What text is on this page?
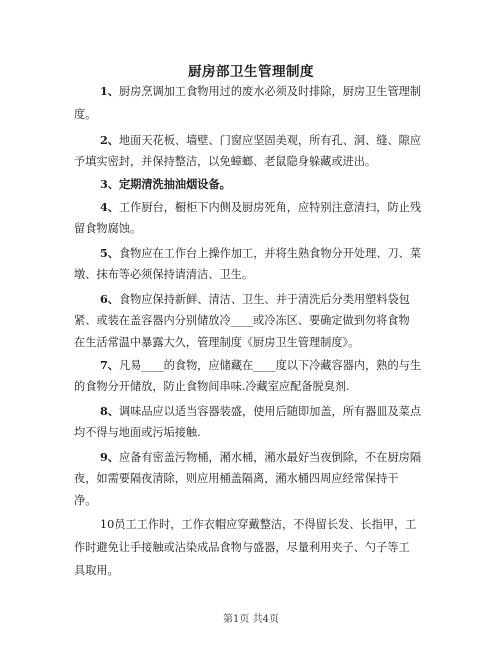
厨房部卫生管理制度
1、厨房烹调加工食物用过的废水必须及时排除，厨房卫生管理制
度。
2、地面天花板、墙壁、门窗应坚固美观，所有孔、洞、缝、隙应
予填实密封，并保持整洁，以免蟑螂、老鼠隐身躲藏或进出。
3、定期清洗抽油烟设备。
4、工作厨台，橱柜下内侧及厨房死角，应特别注意清扫，防止残
留食物腐蚀。
5、食物应在工作台上操作加工，并将生熟食物分开处理、刀、菜
墩、抹布等必须保持请清洁、卫生。
6、食物应保持新鲜、清洁、卫生、并于清洗后分类用塑料袋包
紧、或装在盖容器内分别储放冷____或冷冻区、要确定做到勿将食物
在生活常温中暴露大久，管理制度《厨房卫生管理制度》。
7、凡易____的食物，应储藏在____度以下冷藏容器内，熟的与生
的食物分开储放，防止食物间串味.冷藏室应配备脱臭剂.
8、调味品应以适当容器装盛，使用后随即加盖，所有器皿及菜点
均不得与地面或污垢接触.
9、应备有密盖污物桶，潲水桶，潲水最好当夜倒除，不在厨房隔
夜，如需要隔夜清除，则应用桶盖隔离，潲水桶四周应经常保持干
净。
10员工工作时，工作衣帽应穿戴整洁，不得留长发、长指甲，工
作时避免让手接触或沾染成品食物与盛器，尽量利用夹子、勺子等工
具取用。
第1页 共4页
